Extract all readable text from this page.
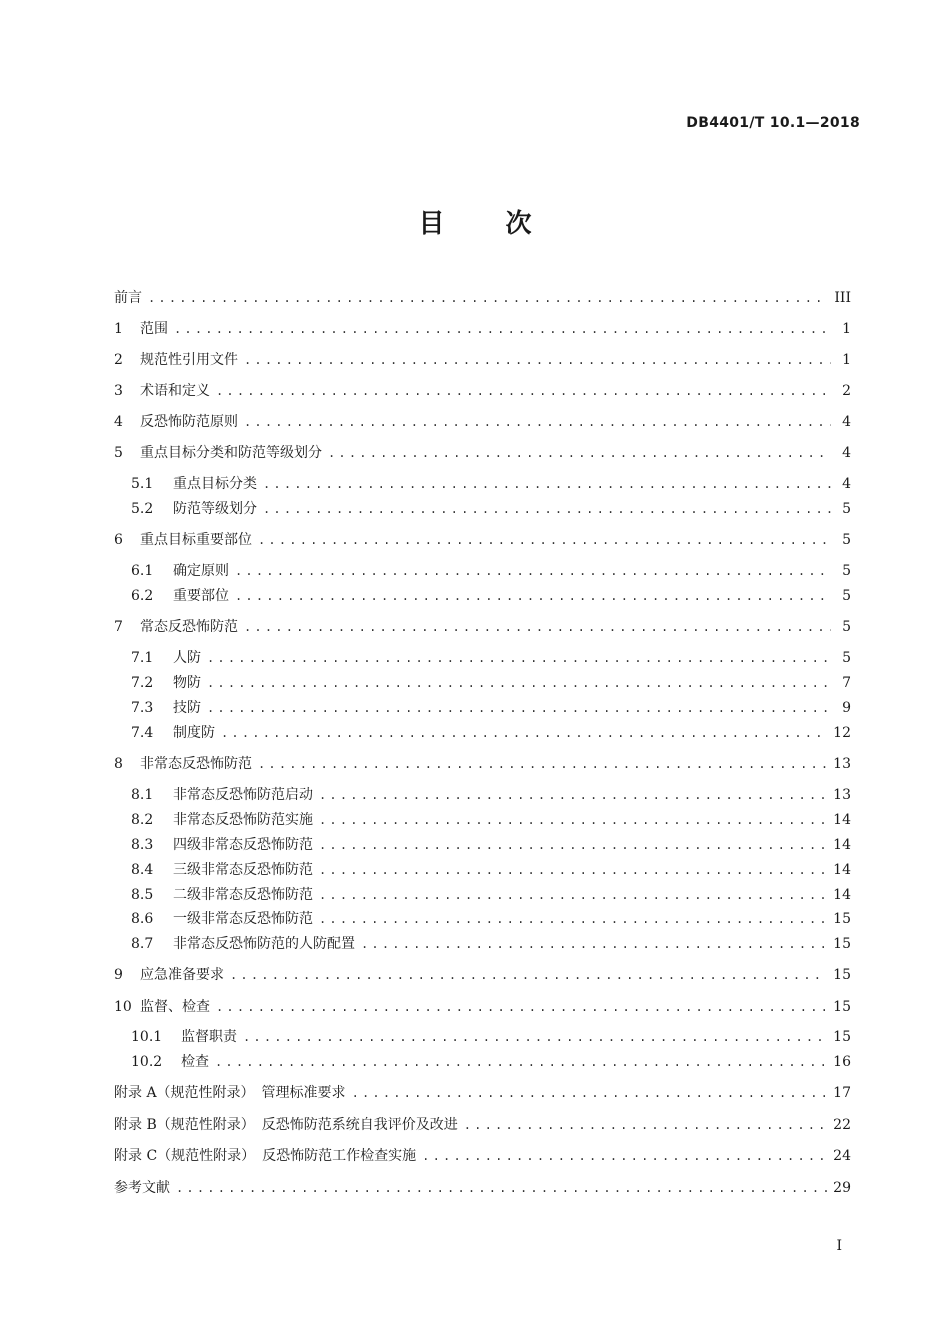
DB4401/T 10.1—2018
目 次
前言 .....	III
1	范围 .....	1
2	规范性引用文件 .....	1
3	术语和定义 .....	2
4	反恐怖防范原则 .....	4
5	重点目标分类和防范等级划分 .....	4
5.1	重点目标分类 .....	4
5.2	防范等级划分 .....	5
6	重点目标重要部位 .....	5
6.1	确定原则 .....	5
6.2	重要部位 .....	5
7	常态反恐怖防范 .....	5
7.1	人防 .....	5
7.2	物防 .....	7
7.3	技防 .....	9
7.4	制度防 .....	12
8	非常态反恐怖防范 .....	13
8.1	非常态反恐怖防范启动 .....	13
8.2	非常态反恐怖防范实施 .....	14
8.3	四级非常态反恐怖防范 .....	14
8.4	三级非常态反恐怖防范 .....	14
8.5	二级非常态反恐怖防范 .....	14
8.6	一级非常态反恐怖防范 .....	15
8.7	非常态反恐怖防范的人防配置 .....	15
9	应急准备要求 .....	15
10 监督、检查 .....	15
10.1	监督职责 .....	15
10.2	检查 .....	16
附录 A（规范性附录）　管理标准要求 .....	17
附录 B（规范性附录）　反恐怖防范系统自我评价及改进 .....	22
附录 C（规范性附录）　反恐怖防范工作检查实施 .....	24
参考文献 .....	29
I
